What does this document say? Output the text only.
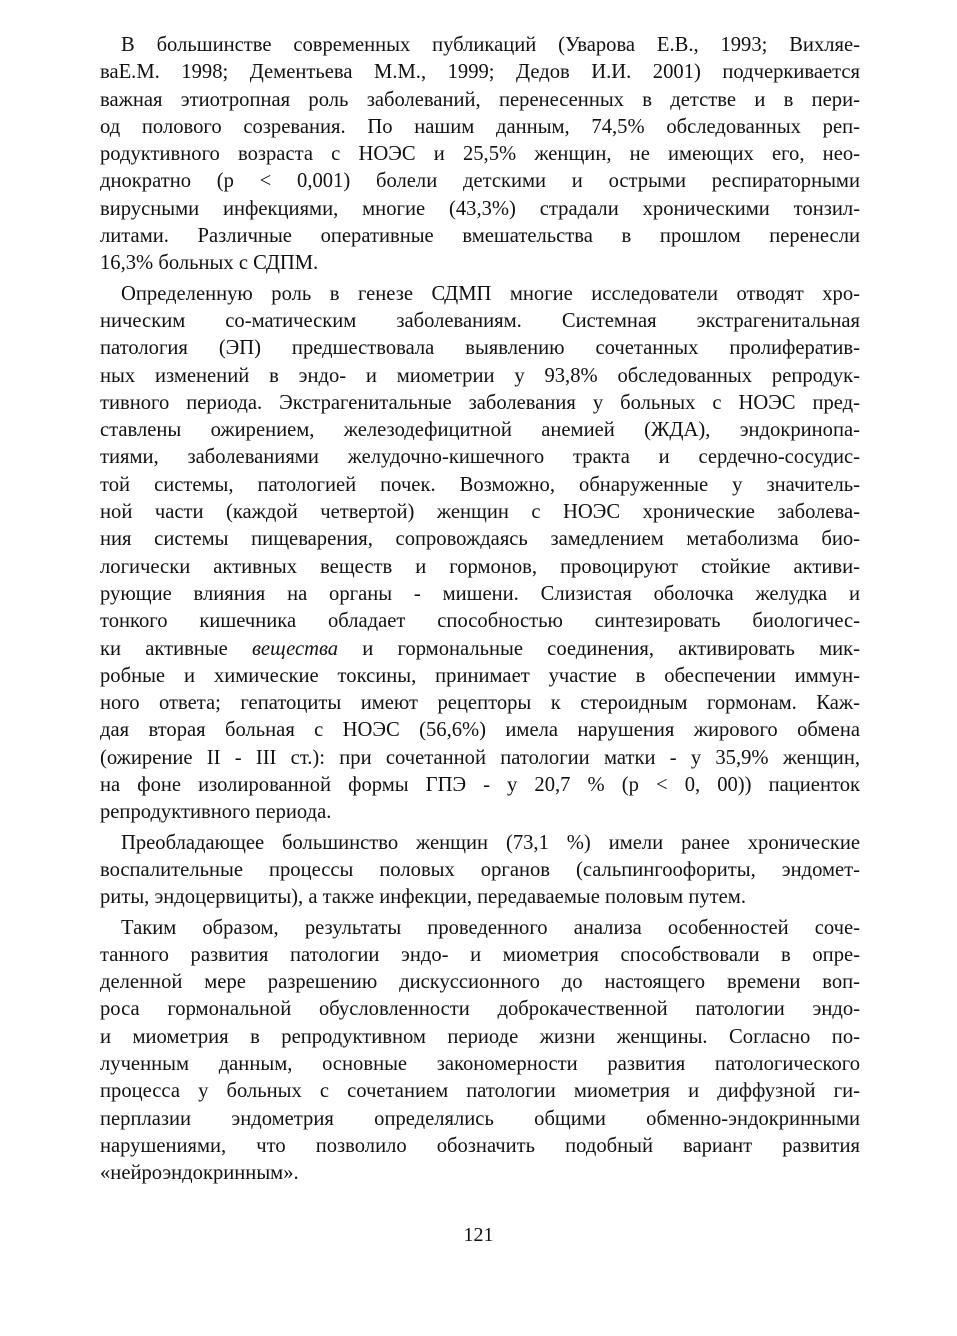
В большинстве современных публикаций (Уварова Е.В., 1993; Вихляе-
ваЕ.М. 1998; Дементьева М.М., 1999; Дедов И.И. 2001) подчеркивается
важная этиотропная роль заболеваний, перенесенных в детстве и в пери-
од полового созревания. По нашим данным, 74,5% обследованных реп-
родуктивного возраста с НОЭС и 25,5% женщин, не имеющих его, нео-
днократно (р < 0,001) болели детскими и острыми респираторными
вирусными инфекциями, многие (43,3%) страдали хроническими тонзил-
литами. Различные оперативные вмешательства в прошлом перенесли
16,3% больных с СДПМ.
Определенную роль в генезе СДМП многие исследователи отводят хро-
ническим со-матическим заболеваниям. Системная экстрагенитальная
патология (ЭП) предшествовала выявлению сочетанных пролифератив-
ных изменений в эндо- и миометрии у 93,8% обследованных репродук-
тивного периода. Экстрагенитальные заболевания у больных с НОЭС пред-
ставлены ожирением, железодефицитной анемией (ЖДА), эндокринопа-
тиями, заболеваниями желудочно-кишечного тракта и сердечно-сосудис-
той системы, патологией почек. Возможно, обнаруженные у значитель-
ной части (каждой четвертой) женщин с НОЭС хронические заболева-
ния системы пищеварения, сопровождаясь замедлением метаболизма био-
логически активных веществ и гормонов, провоцируют стойкие активи-
рующие влияния на органы - мишени. Слизистая оболочка желудка и
тонкого кишечника обладает способностью синтезировать биологичес-
ки активные вещества и гормональные соединения, активировать мик-
робные и химические токсины, принимает участие в обеспечении иммун-
ного ответа; гепатоциты имеют рецепторы к стероидным гормонам. Каж-
дая вторая больная с НОЭС (56,6%) имела нарушения жирового обмена
(ожирение II - III ст.): при сочетанной патологии матки - у 35,9% женщин,
на фоне изолированной формы ГПЭ - у 20,7 % (р < 0, 00)) пациенток
репродуктивного периода.
Преобладающее большинство женщин (73,1 %) имели ранее хронические
воспалительные процессы половых органов (сальпингоофориты, эндомет-
риты, эндоцервициты), а также инфекции, передаваемые половым путем.
Таким образом, результаты проведенного анализа особенностей соче-
танного развития патологии эндо- и миометрия способствовали в опре-
деленной мере разрешению дискуссионного до настоящего времени воп-
роса гормональной обусловленности доброкачественной патологии эндо-
и миометрия в репродуктивном периоде жизни женщины. Согласно по-
лученным данным, основные закономерности развития патологического
процесса у больных с сочетанием патологии миометрия и диффузной ги-
перплазии эндометрия определялись общими обменно-эндокринными
нарушениями, что позволило обозначить подобный вариант развития
«нейроэндокринным».
121
